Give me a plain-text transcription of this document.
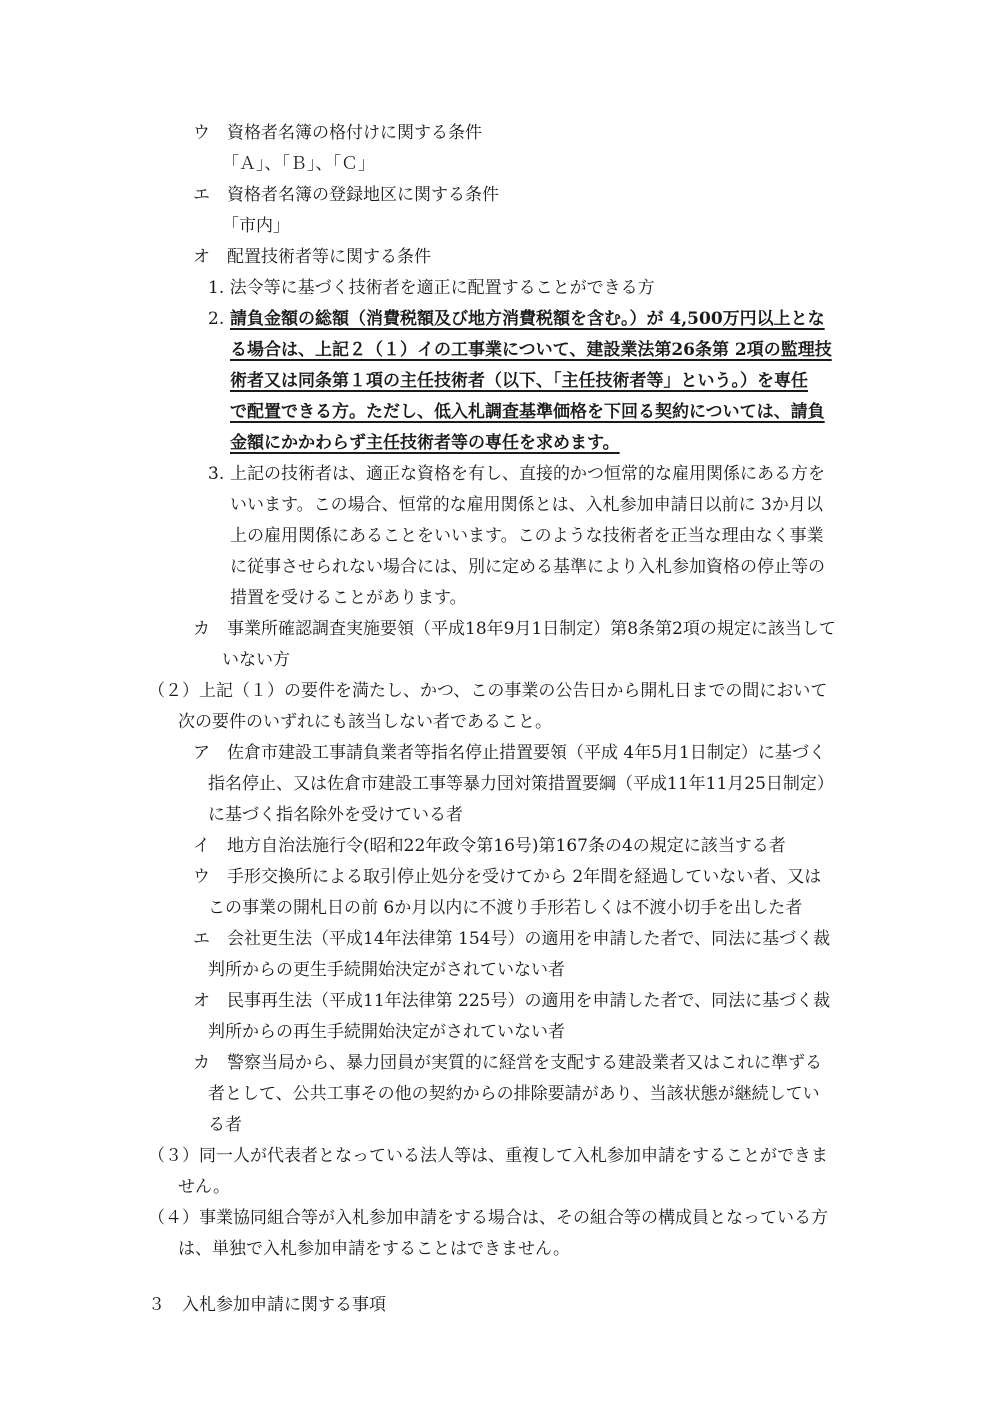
ウ　資格者名簿の格付けに関する条件
「Ａ」、「Ｂ」、「Ｃ」
エ　資格者名簿の登録地区に関する条件
「市内」
オ　配置技術者等に関する条件
1. 法令等に基づく技術者を適正に配置することができる方
2. 請負金額の総額（消費税額及び地方消費税額を含む。）が 4,500万円以上とな
る場合は、上記２（１）イの工事業について、建設業法第26条第 2項の監理技
術者又は同条第１項の主任技術者（以下、「主任技術者等」という。）を専任
で配置できる方。ただし、低入札調査基準価格を下回る契約については、請負
金額にかかわらず主任技術者等の専任を求めます。
3. 上記の技術者は、適正な資格を有し、直接的かつ恒常的な雇用関係にある方を
いいます。この場合、恒常的な雇用関係とは、入札参加申請日以前に 3か月以
上の雇用関係にあることをいいます。このような技術者を正当な理由なく事業
に従事させられない場合には、別に定める基準により入札参加資格の停止等の
措置を受けることがあります。
カ　事業所確認調査実施要領（平成18年9月1日制定）第8条第2項の規定に該当して
いない方
（２）上記（１）の要件を満たし、かつ、この事業の公告日から開札日までの間において
次の要件のいずれにも該当しない者であること。
ア　佐倉市建設工事請負業者等指名停止措置要領（平成 4年5月1日制定）に基づく
指名停止、又は佐倉市建設工事等暴力団対策措置要綱（平成11年11月25日制定）
に基づく指名除外を受けている者
イ　地方自治法施行令(昭和22年政令第16号)第167条の4の規定に該当する者
ウ　手形交換所による取引停止処分を受けてから 2年間を経過していない者、又は
この事業の開札日の前 6か月以内に不渡り手形若しくは不渡小切手を出した者
エ　会社更生法（平成14年法律第 154号）の適用を申請した者で、同法に基づく裁
判所からの更生手続開始決定がされていない者
オ　民事再生法（平成11年法律第 225号）の適用を申請した者で、同法に基づく裁
判所からの再生手続開始決定がされていない者
カ　警察当局から、暴力団員が実質的に経営を支配する建設業者又はこれに準ずる
者として、公共工事その他の契約からの排除要請があり、当該状態が継続してい
る者
（３）同一人が代表者となっている法人等は、重複して入札参加申請をすることができま
せん。
（４）事業協同組合等が入札参加申請をする場合は、その組合等の構成員となっている方
は、単独で入札参加申請をすることはできません。
３　入札参加申請に関する事項
